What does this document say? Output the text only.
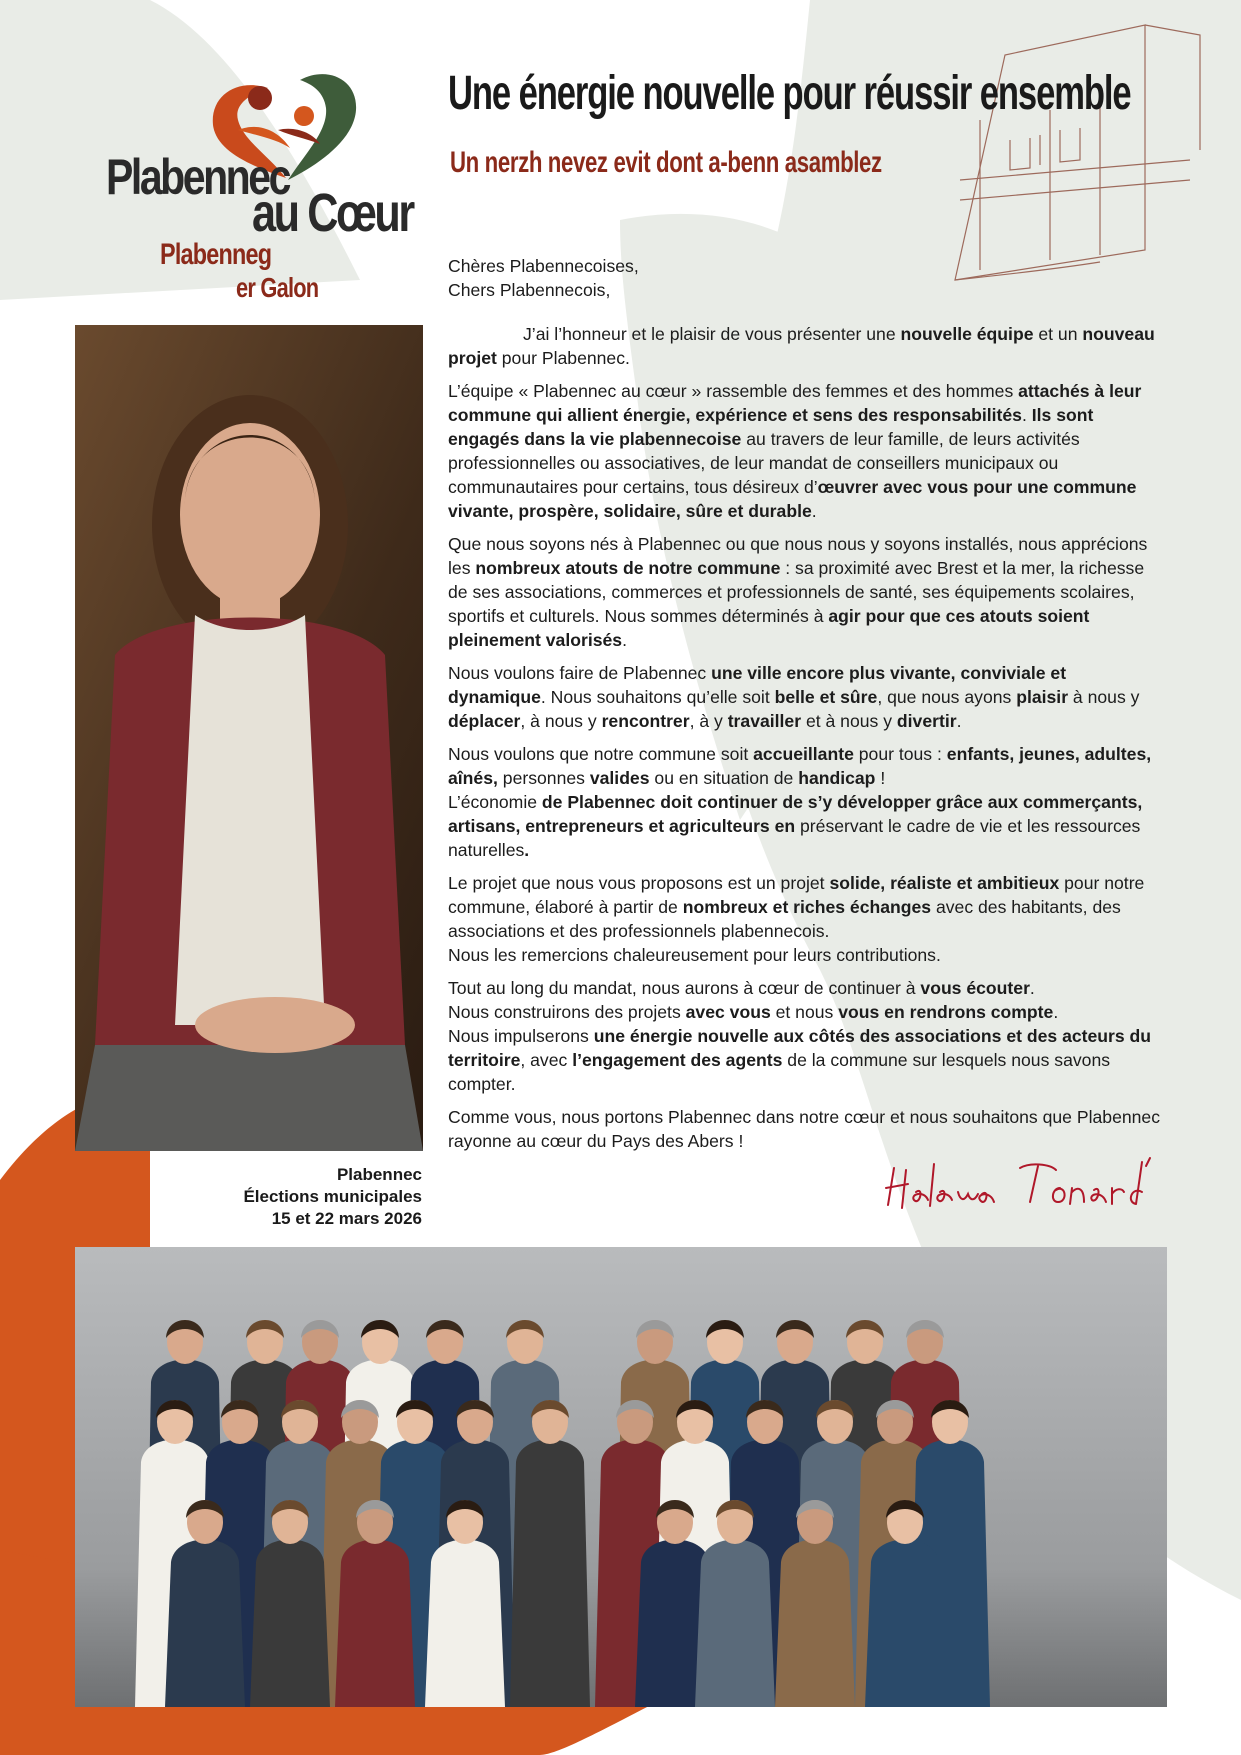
Plabennec
au Cœur
Plabenneg
er Galon
Une énergie nouvelle pour réussir ensemble
Un nerzh nevez evit dont a-benn asamblez
Plabennec
Élections municipales
15 et 22 mars 2026

Chères Plabennecoises,
Chers Plabennecois,

J’ai l’honneur et le plaisir de vous présenter une nouvelle équipe et un nouveau projet pour Plabennec.

L’équipe « Plabennec au cœur » rassemble des femmes et des hommes attachés à leur commune qui allient énergie, expérience et sens des responsabilités. Ils sont engagés dans la vie plabennecoise au travers de leur famille, de leurs activités professionnelles ou associatives, de leur mandat de conseillers municipaux ou communautaires pour certains, tous désireux d’œuvrer avec vous pour une commune vivante, prospère, solidaire, sûre et durable.

Que nous soyons nés à Plabennec ou que nous nous y soyons installés, nous apprécions les nombreux atouts de notre commune : sa proximité avec Brest et la mer, la richesse de ses associations, commerces et professionnels de santé, ses équipements scolaires, sportifs et culturels. Nous sommes déterminés à agir pour que ces atouts soient pleinement valorisés.

Nous voulons faire de Plabennec une ville encore plus vivante, conviviale et dynamique. Nous souhaitons qu’elle soit belle et sûre, que nous ayons plaisir à nous y déplacer, à nous y rencontrer, à y travailler et à nous y divertir.

Nous voulons que notre commune soit accueillante pour tous : enfants, jeunes, adultes, aînés, personnes valides ou en situation de handicap !
L’économie de Plabennec doit continuer de s’y développer grâce aux commerçants, artisans, entrepreneurs et agriculteurs en préservant le cadre de vie et les ressources naturelles.

Le projet que nous vous proposons est un projet solide, réaliste et ambitieux pour notre commune, élaboré à partir de nombreux et riches échanges avec des habitants, des associations et des professionnels plabennecois.
Nous les remercions chaleureusement pour leurs contributions.

Tout au long du mandat, nous aurons à cœur de continuer à vous écouter.
Nous construirons des projets avec vous et nous vous en rendrons compte.
Nous impulserons une énergie nouvelle aux côtés des associations et des acteurs du territoire, avec l’engagement des agents de la commune sur lesquels nous savons compter.

Comme vous, nous portons Plabennec dans notre cœur et nous souhaitons que Plabennec rayonne au cœur du Pays des Abers !
